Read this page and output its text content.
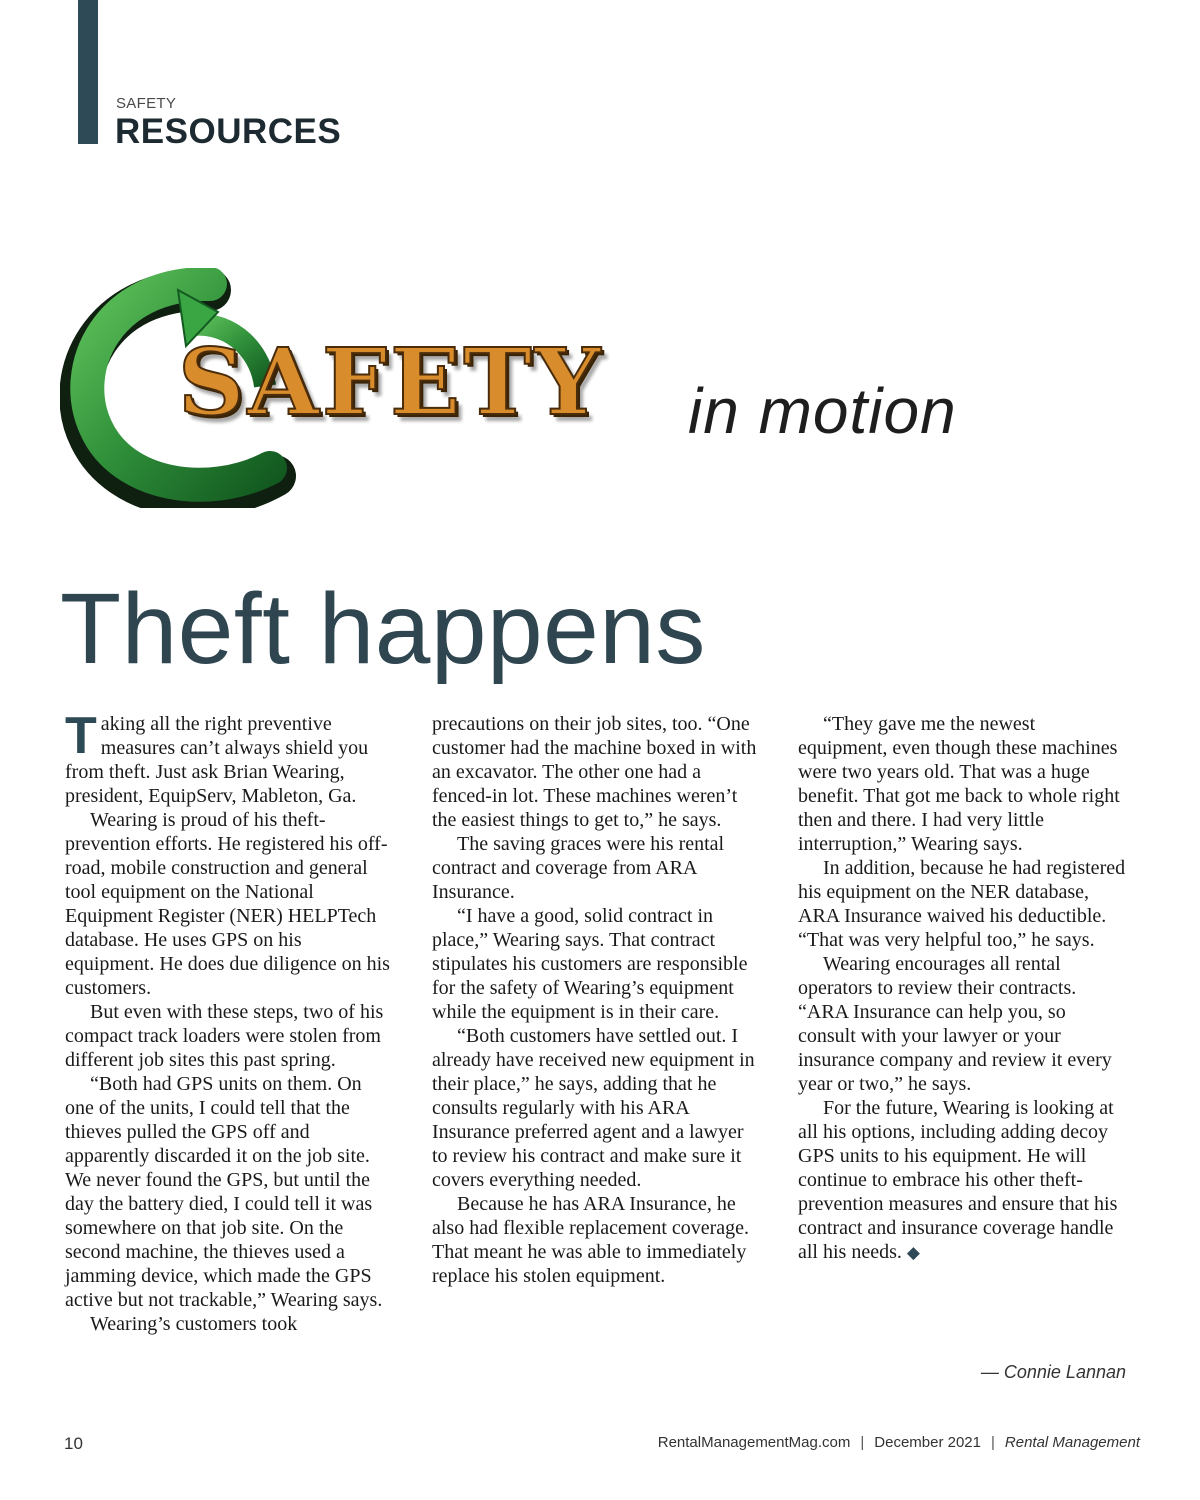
SAFETY
RESOURCES
SAFETY in motion
Theft happens

Taking all the right preventive measures can’t always shield you from theft. Just ask Brian Wearing, president, EquipServ, Mableton, Ga.

Wearing is proud of his theft-prevention efforts. He registered his off-road, mobile construction and general tool equipment on the National Equipment Register (NER) HELPTech database. He uses GPS on his equipment. He does due diligence on his customers.

But even with these steps, two of his compact track loaders were stolen from different job sites this past spring.

“Both had GPS units on them. On one of the units, I could tell that the thieves pulled the GPS off and apparently discarded it on the job site. We never found the GPS, but until the day the battery died, I could tell it was somewhere on that job site. On the second machine, the thieves used a jamming device, which made the GPS active but not trackable,” Wearing says.

Wearing’s customers took

precautions on their job sites, too. “One customer had the machine boxed in with an excavator. The other one had a fenced-in lot. These machines weren’t the easiest things to get to,” he says.

The saving graces were his rental contract and coverage from ARA Insurance.

“I have a good, solid contract in place,” Wearing says. That contract stipulates his customers are responsible for the safety of Wearing’s equipment while the equipment is in their care.

“Both customers have settled out. I already have received new equipment in their place,” he says, adding that he consults regularly with his ARA Insurance preferred agent and a lawyer to review his contract and make sure it covers everything needed.

Because he has ARA Insurance, he also had flexible replacement coverage. That meant he was able to immediately replace his stolen equipment.

“They gave me the newest equipment, even though these machines were two years old. That was a huge benefit. That got me back to whole right then and there. I had very little interruption,” Wearing says.

In addition, because he had registered his equipment on the NER database, ARA Insurance waived his deductible. “That was very helpful too,” he says.

Wearing encourages all rental operators to review their contracts. “ARA Insurance can help you, so consult with your lawyer or your insurance company and review it every year or two,” he says.

For the future, Wearing is looking at all his options, including adding decoy GPS units to his equipment. He will continue to embrace his other theft-prevention measures and ensure that his contract and insurance coverage handle all his needs. ◆

— Connie Lannan
10	RentalManagementMag.com | December 2021 | Rental Management
